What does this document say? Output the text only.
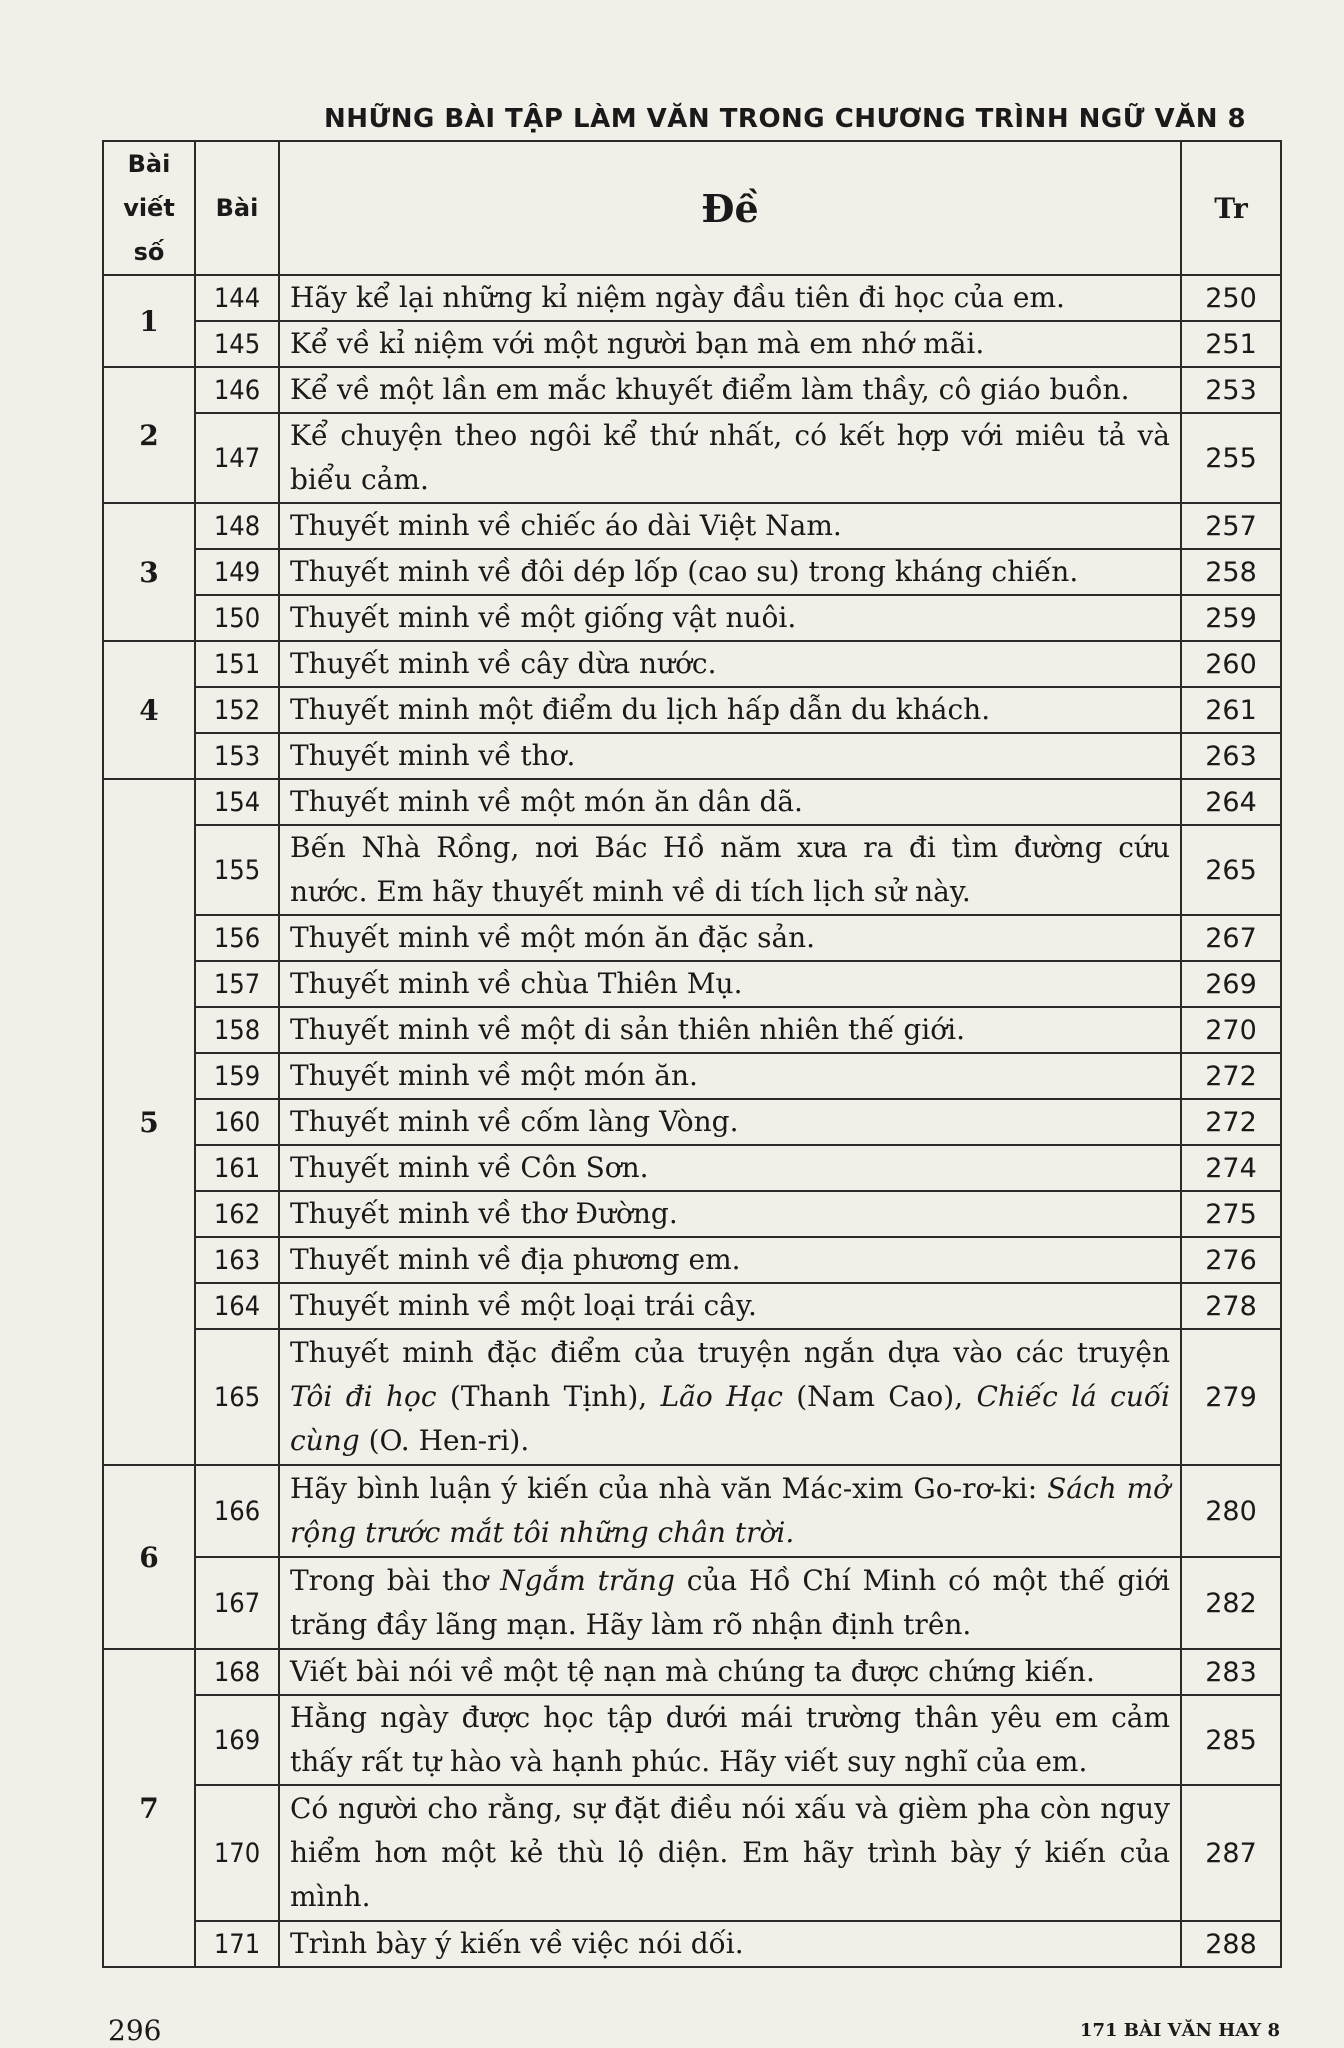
NHỮNG BÀI TẬP LÀM VĂN TRONG CHƯƠNG TRÌNH NGỮ VĂN 8
Bài
viết
số	Bài	Đề	Tr
1	144	Hãy kể lại những kỉ niệm ngày đầu tiên đi học của em.	250
	145	Kể về kỉ niệm với một người bạn mà em nhớ mãi.	251
2	146	Kể về một lần em mắc khuyết điểm làm thầy, cô giáo buồn.	253
	147	Kể chuyện theo ngôi kể thứ nhất, có kết hợp với miêu tả và biểu cảm.	255
3	148	Thuyết minh về chiếc áo dài Việt Nam.	257
	149	Thuyết minh về đôi dép lốp (cao su) trong kháng chiến.	258
	150	Thuyết minh về một giống vật nuôi.	259
4	151	Thuyết minh về cây dừa nước.	260
	152	Thuyết minh một điểm du lịch hấp dẫn du khách.	261
	153	Thuyết minh về thơ.	263
5	154	Thuyết minh về một món ăn dân dã.	264
	155	Bến Nhà Rồng, nơi Bác Hồ năm xưa ra đi tìm đường cứu nước. Em hãy thuyết minh về di tích lịch sử này.	265
	156	Thuyết minh về một món ăn đặc sản.	267
	157	Thuyết minh về chùa Thiên Mụ.	269
	158	Thuyết minh về một di sản thiên nhiên thế giới.	270
	159	Thuyết minh về một món ăn.	272
	160	Thuyết minh về cốm làng Vòng.	272
	161	Thuyết minh về Côn Sơn.	274
	162	Thuyết minh về thơ Đường.	275
	163	Thuyết minh về địa phương em.	276
	164	Thuyết minh về một loại trái cây.	278
	165	Thuyết minh đặc điểm của truyện ngắn dựa vào các truyện Tôi đi học (Thanh Tịnh), Lão Hạc (Nam Cao), Chiếc lá cuối cùng (O. Hen-ri).	279
6	166	Hãy bình luận ý kiến của nhà văn Mác-xim Go-rơ-ki: Sách mở rộng trước mắt tôi những chân trời.	280
	167	Trong bài thơ Ngắm trăng của Hồ Chí Minh có một thế giới trăng đầy lãng mạn. Hãy làm rõ nhận định trên.	282
7	168	Viết bài nói về một tệ nạn mà chúng ta được chứng kiến.	283
	169	Hằng ngày được học tập dưới mái trường thân yêu em cảm thấy rất tự hào và hạnh phúc. Hãy viết suy nghĩ của em.	285
	170	Có người cho rằng, sự đặt điều nói xấu và gièm pha còn nguy hiểm hơn một kẻ thù lộ diện. Em hãy trình bày ý kiến của mình.	287
	171	Trình bày ý kiến về việc nói dối.	288
296	171 BÀI VĂN HAY 8
